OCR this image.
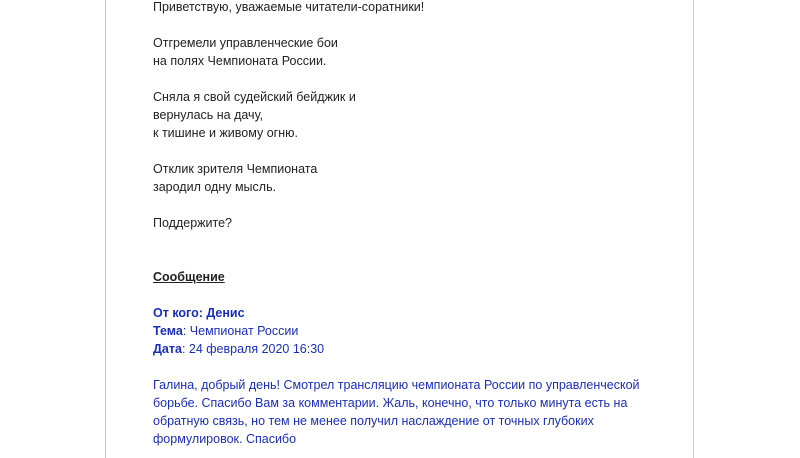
Приветствую, уважаемые читатели-соратники!
Отгремели управленческие бои
на полях Чемпионата России.
Сняла я свой судейский бейджик и
вернулась на дачу,
к тишине и живому огню.
Отклик зрителя Чемпионата
зародил одну мысль.
Поддержите?
Сообщение
От кого: Денис
Тема: Чемпионат России
Дата: 24 февраля 2020 16:30
Галина, добрый день! Смотрел трансляцию чемпионата России по управленческой
борьбе. Спасибо Вам за комментарии. Жаль, конечно, что только минута есть на
обратную связь, но тем не менее получил наслаждение от точных глубоких
формулировок. Спасибо
